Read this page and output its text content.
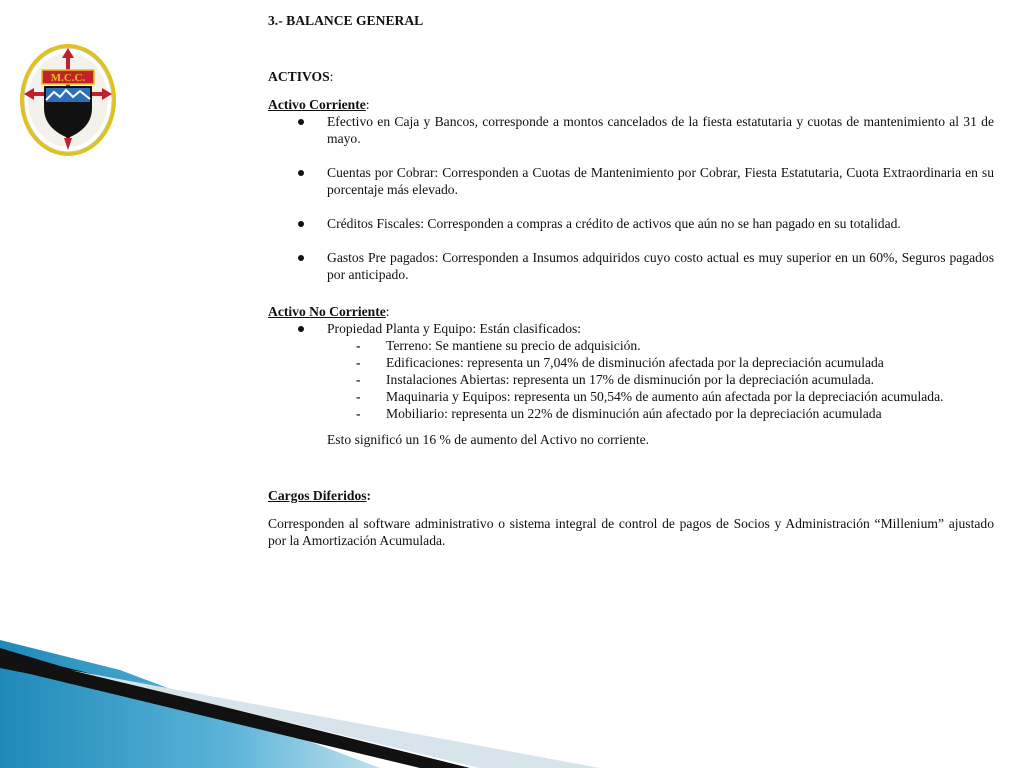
M.C.C.

3.- BALANCE GENERAL

ACTIVOS:

Activo Corriente:

Efectivo en Caja y Bancos, corresponde a montos cancelados de la fiesta estatutaria y cuotas de mantenimiento al 31 de mayo.
Cuentas por Cobrar: Corresponden a Cuotas de Mantenimiento por Cobrar, Fiesta Estatutaria, Cuota Extraordinaria en su porcentaje más elevado.
Créditos Fiscales: Corresponden a compras a crédito de activos que aún no se han pagado en su totalidad.
Gastos Pre pagados: Corresponden a Insumos adquiridos cuyo costo actual es muy superior en un 60%, Seguros pagados por anticipado.

Activo No Corriente:

Propiedad Planta y Equipo: Están clasificados:
- Terreno: Se mantiene su precio de adquisición.
- Edificaciones: representa un 7,04% de disminución afectada por la depreciación acumulada
- Instalaciones Abiertas: representa un 17% de disminución por la depreciación acumulada.
- Maquinaria y Equipos: representa un 50,54% de aumento aún afectada por la depreciación acumulada.
- Mobiliario: representa un 22% de disminución aún afectado por la depreciación acumulada

Esto significó un 16 % de aumento del Activo no corriente.

Cargos Diferidos:

Corresponden al software administrativo o sistema integral de control de pagos de Socios y Administración “Millenium” ajustado por la Amortización Acumulada.
